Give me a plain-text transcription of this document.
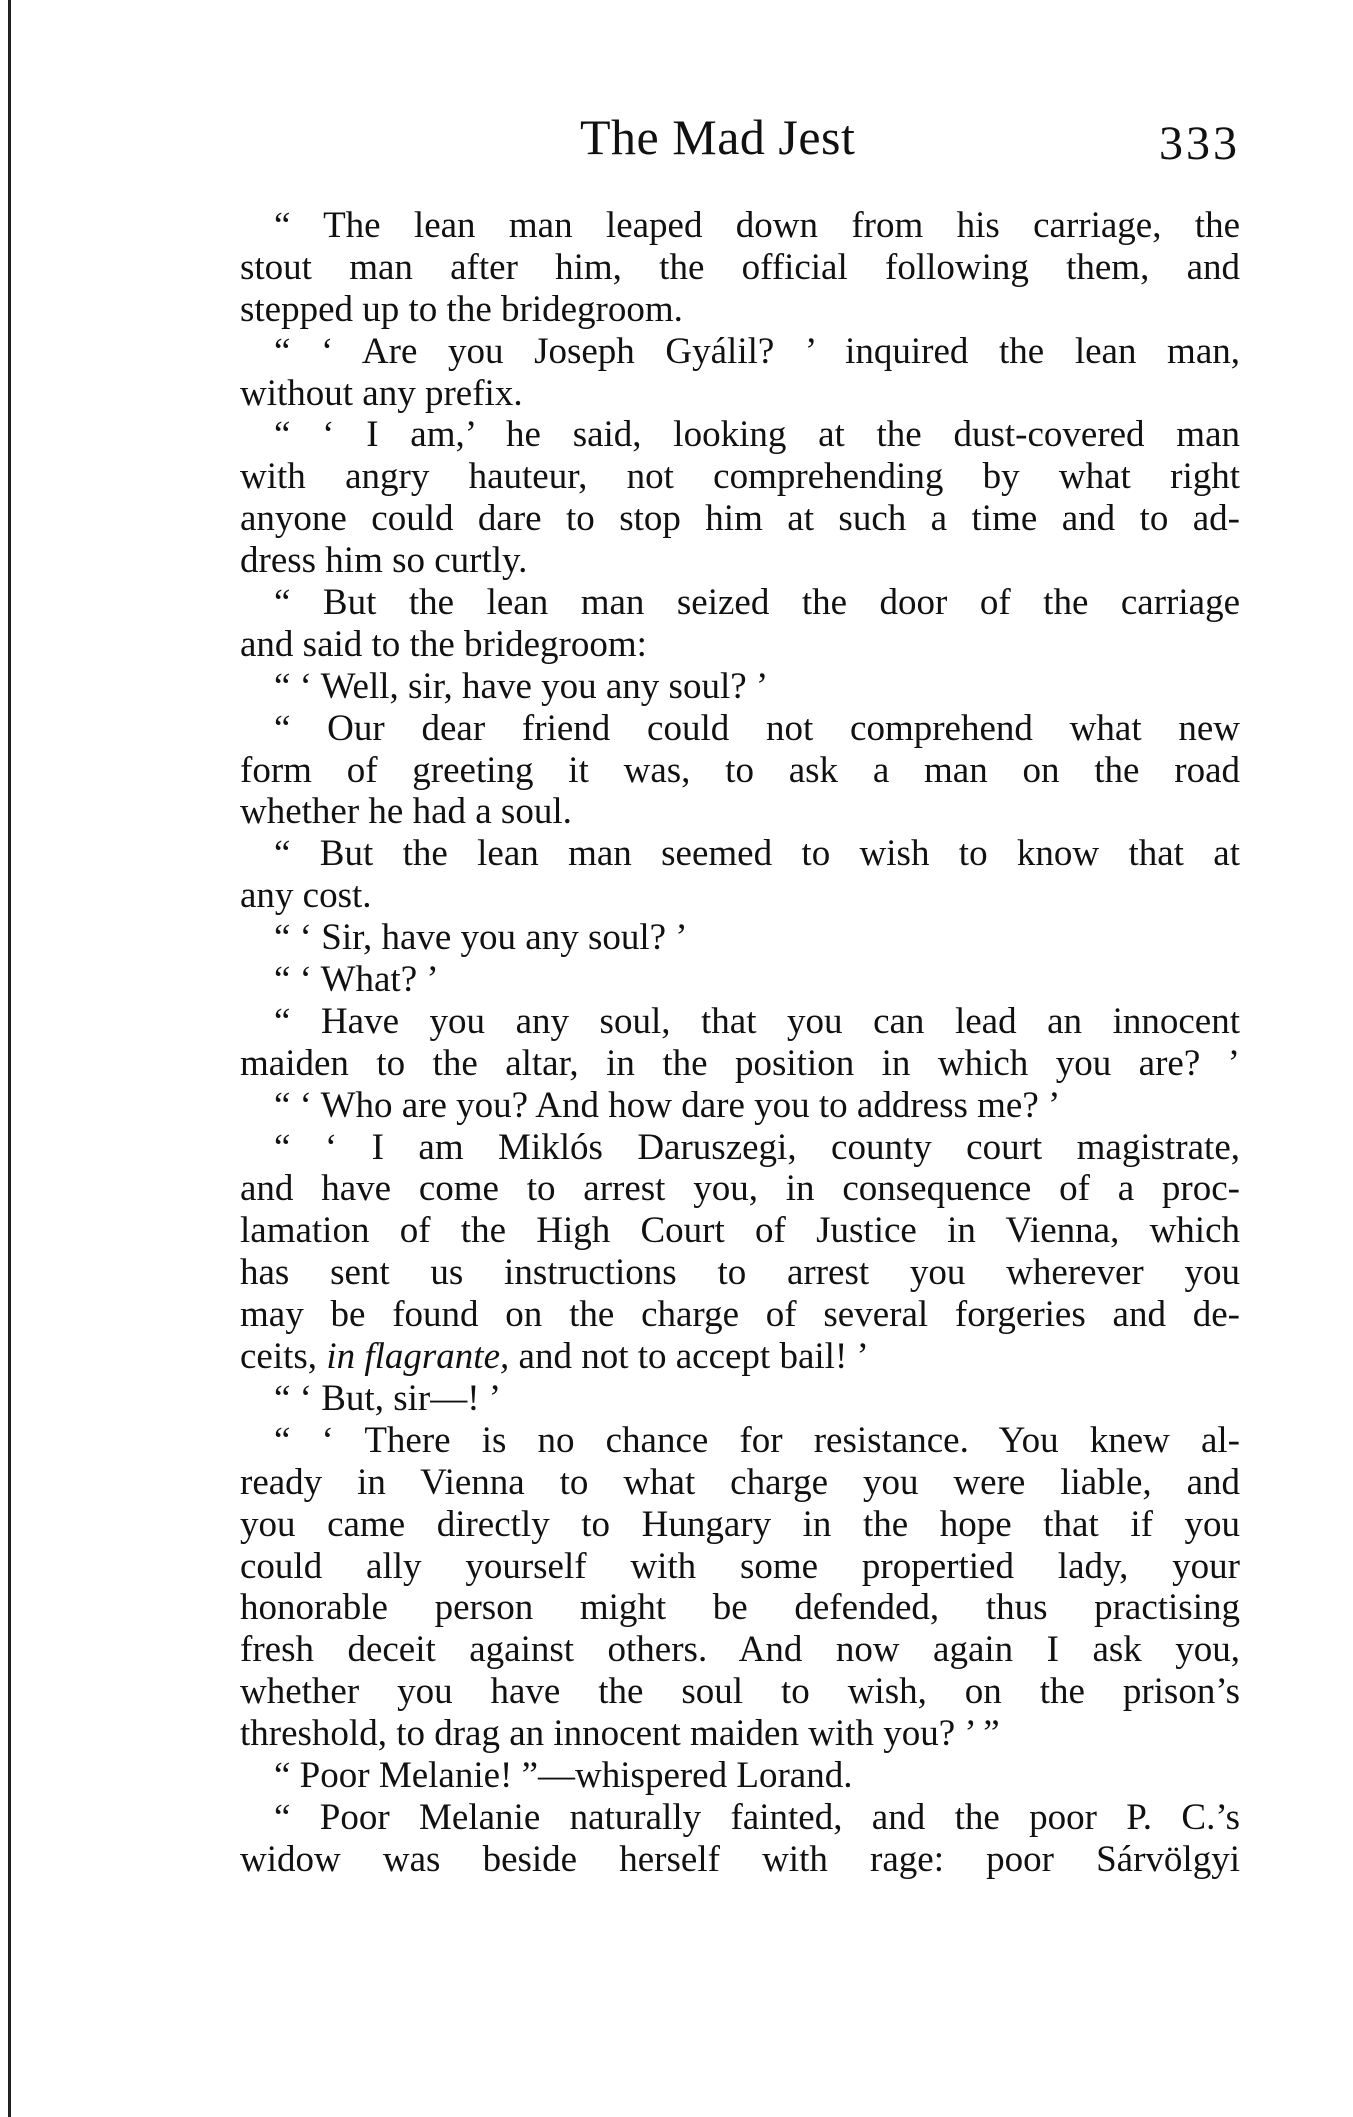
The Mad Jest	333
“ The lean man leaped down from his carriage, the
stout man after him, the official following them, and
stepped up to the bridegroom.
“ ‘ Are you Joseph Gyálil? ’ inquired the lean man,
without any prefix.
“ ‘ I am,’ he said, looking at the dust-covered man
with angry hauteur, not comprehending by what right
anyone could dare to stop him at such a time and to ad-
dress him so curtly.
“ But the lean man seized the door of the carriage
and said to the bridegroom:
“ ‘ Well, sir, have you any soul? ’
“ Our dear friend could not comprehend what new
form of greeting it was, to ask a man on the road
whether he had a soul.
“ But the lean man seemed to wish to know that at
any cost.
“ ‘ Sir, have you any soul? ’
“ ‘ What? ’
“ Have you any soul, that you can lead an innocent
maiden to the altar, in the position in which you are? ’
“ ‘ Who are you? And how dare you to address me? ’
“ ‘ I am Miklós Daruszegi, county court magistrate,
and have come to arrest you, in consequence of a proc-
lamation of the High Court of Justice in Vienna, which
has sent us instructions to arrest you wherever you
may be found on the charge of several forgeries and de-
ceits, in flagrante, and not to accept bail! ’
“ ‘ But, sir—! ’
“ ‘ There is no chance for resistance. You knew al-
ready in Vienna to what charge you were liable, and
you came directly to Hungary in the hope that if you
could ally yourself with some propertied lady, your
honorable person might be defended, thus practising
fresh deceit against others. And now again I ask you,
whether you have the soul to wish, on the prison’s
threshold, to drag an innocent maiden with you? ’ ”
“ Poor Melanie! ”—whispered Lorand.
“ Poor Melanie naturally fainted, and the poor P. C.’s
widow was beside herself with rage: poor Sárvölgyi
